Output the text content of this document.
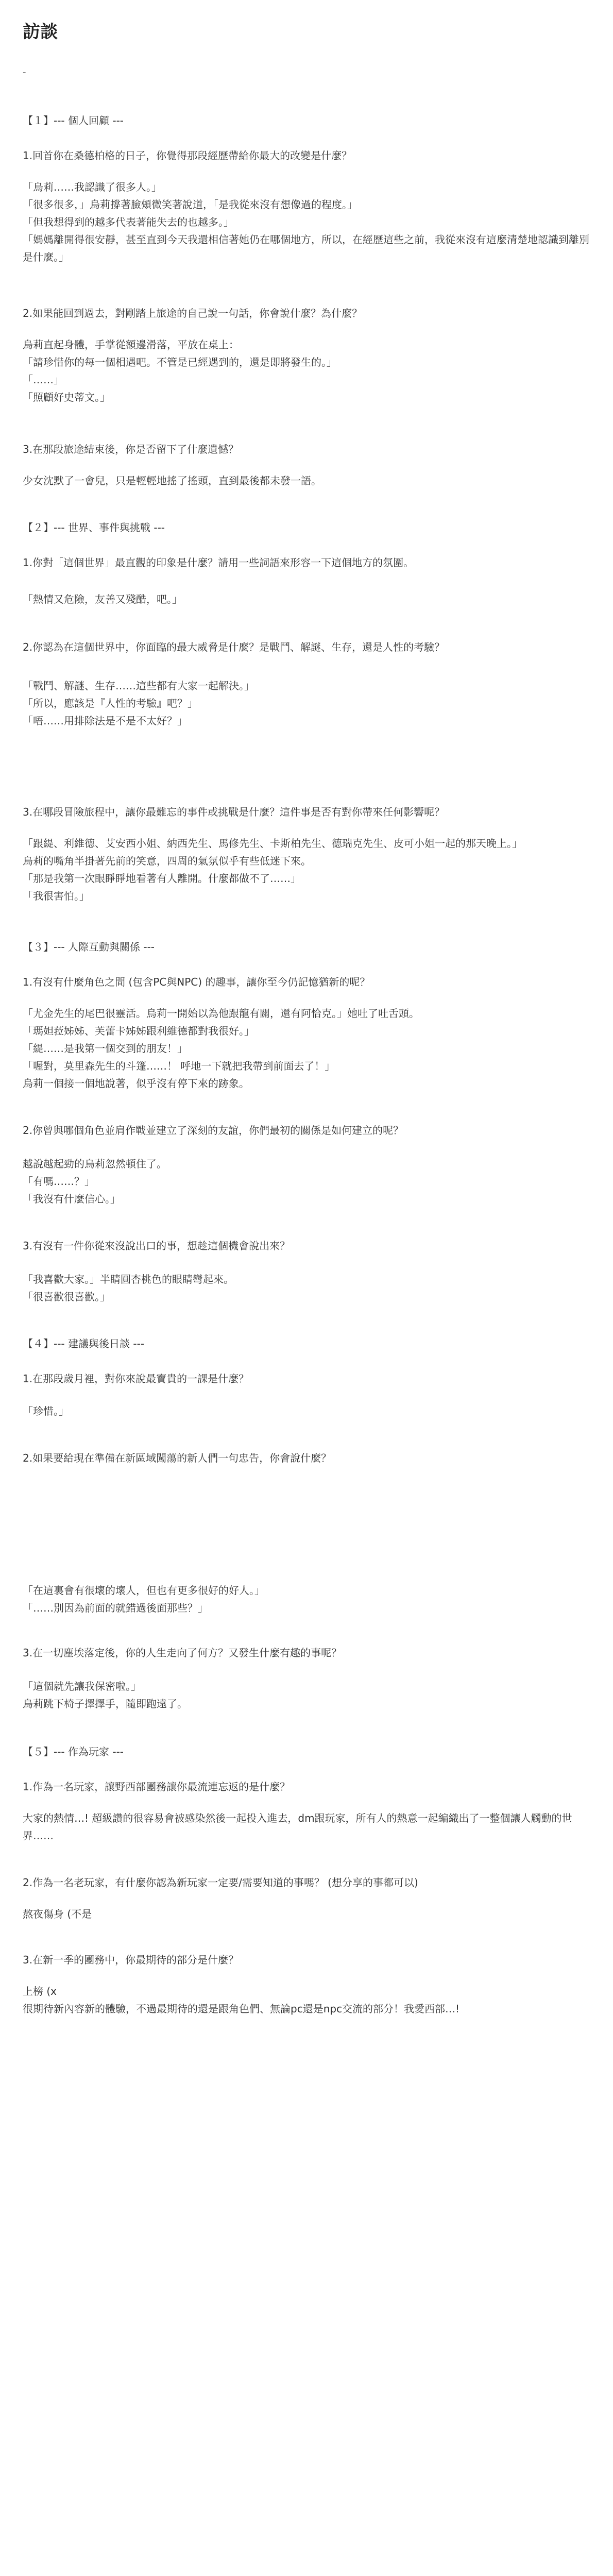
訪談
-
【１】--- 個人回顧 ---
1.回首你在桑德柏格的日子，你覺得那段經歷帶給你最大的改變是什麼？

「烏莉……我認識了很多人。」

「很多很多，」烏莉撐著臉頰微笑著說道，「是我從來沒有想像過的程度。」

「但我想得到的越多代表著能失去的也越多。」

「媽媽離開得很安靜，甚至直到今天我還相信著她仍在哪個地方，所以，在經歷這些之前，我從來沒有這麼清楚地認識到離別是什麼。」

2.如果能回到過去，對剛踏上旅途的自己說一句話，你會說什麼？為什麼？

烏莉直起身體，手掌從額邊滑落，平放在桌上：

「請珍惜你的每一個相遇吧。不管是已經遇到的，還是即將發生的。」

「……」

「照顧好史蒂文。」

3.在那段旅途結束後，你是否留下了什麼遺憾？

少女沈默了一會兒，只是輕輕地搖了搖頭，直到最後都未發一語。

【２】--- 世界、事件與挑戰 ---
1.你對「這個世界」最直觀的印象是什麼？請用一些詞語來形容一下這個地方的氛圍。

「熱情又危險，友善又殘酷，吧。」

2.你認為在這個世界中，你面臨的最大威脅是什麼？是戰鬥、解謎、生存，還是人性的考驗？

「戰鬥、解謎、生存……這些都有大家一起解決。」

「所以，應該是『人性的考驗』吧？」

「唔……用排除法是不是不太好？」

3.在哪段冒險旅程中，讓你最難忘的事件或挑戰是什麼？這件事是否有對你帶來任何影響呢？

「跟緹、利維德、艾安西小姐、納西先生、馬修先生、卡斯柏先生、德瑞克先生、皮可小姐一起的那天晚上。」

烏莉的嘴角半掛著先前的笑意，四周的氣氛似乎有些低迷下來。

「那是我第一次眼睜睜地看著有人離開。什麼都做不了……」

「我很害怕。」

【３】--- 人際互動與關係 ---
1.有沒有什麼角色之間 (包含PC與NPC) 的趣事，讓你至今仍記憶猶新的呢？

「尤金先生的尾巴很靈活。烏莉一開始以為他跟龍有關，還有阿恰克。」她吐了吐舌頭。

「瑪妲菈姊姊、芙蕾卡姊姊跟利維德都對我很好。」

「緹……是我第一個交到的朋友！」

「喔對，莫里森先生的斗篷……！ 呼地一下就把我帶到前面去了！」

烏莉一個接一個地說著，似乎沒有停下來的跡象。

2.你曾與哪個角色並肩作戰並建立了深刻的友誼，你們最初的關係是如何建立的呢？

越說越起勁的烏莉忽然頓住了。

「有嗎……？」

「我沒有什麼信心。」

3.有沒有一件你從來沒說出口的事，想趁這個機會說出來？

「我喜歡大家。」半睛圓杏桃色的眼睛彎起來。

「很喜歡很喜歡。」

【４】--- 建議與後日談 ---
1.在那段歲月裡，對你來說最寶貴的一課是什麼？

「珍惜。」

2.如果要給現在準備在新區域闖蕩的新人們一句忠告，你會說什麼？

「在這裏會有很壞的壞人，但也有更多很好的好人。」

「……別因為前面的就錯過後面那些？」

3.在一切塵埃落定後，你的人生走向了何方？又發生什麼有趣的事呢？

「這個就先讓我保密啦。」

烏莉跳下椅子擇擇手，隨即跑遠了。

【５】--- 作為玩家 ---
1.作為一名玩家，讓野西部團務讓你最流連忘返的是什麼？

大家的熱情…! 超級讚的很容易會被感染然後一起投入進去，dm跟玩家，所有人的熱意一起編織出了一整個讓人觸動的世界……

2.作為一名老玩家，有什麼你認為新玩家一定要/需要知道的事嗎？ (想分享的事都可以)

熬夜傷身 (不是

3.在新一季的團務中，你最期待的部分是什麼？

上榜 (x

很期待新內容新的體驗，不過最期待的還是跟角色們、無論pc還是npc交流的部分！我愛西部…!
